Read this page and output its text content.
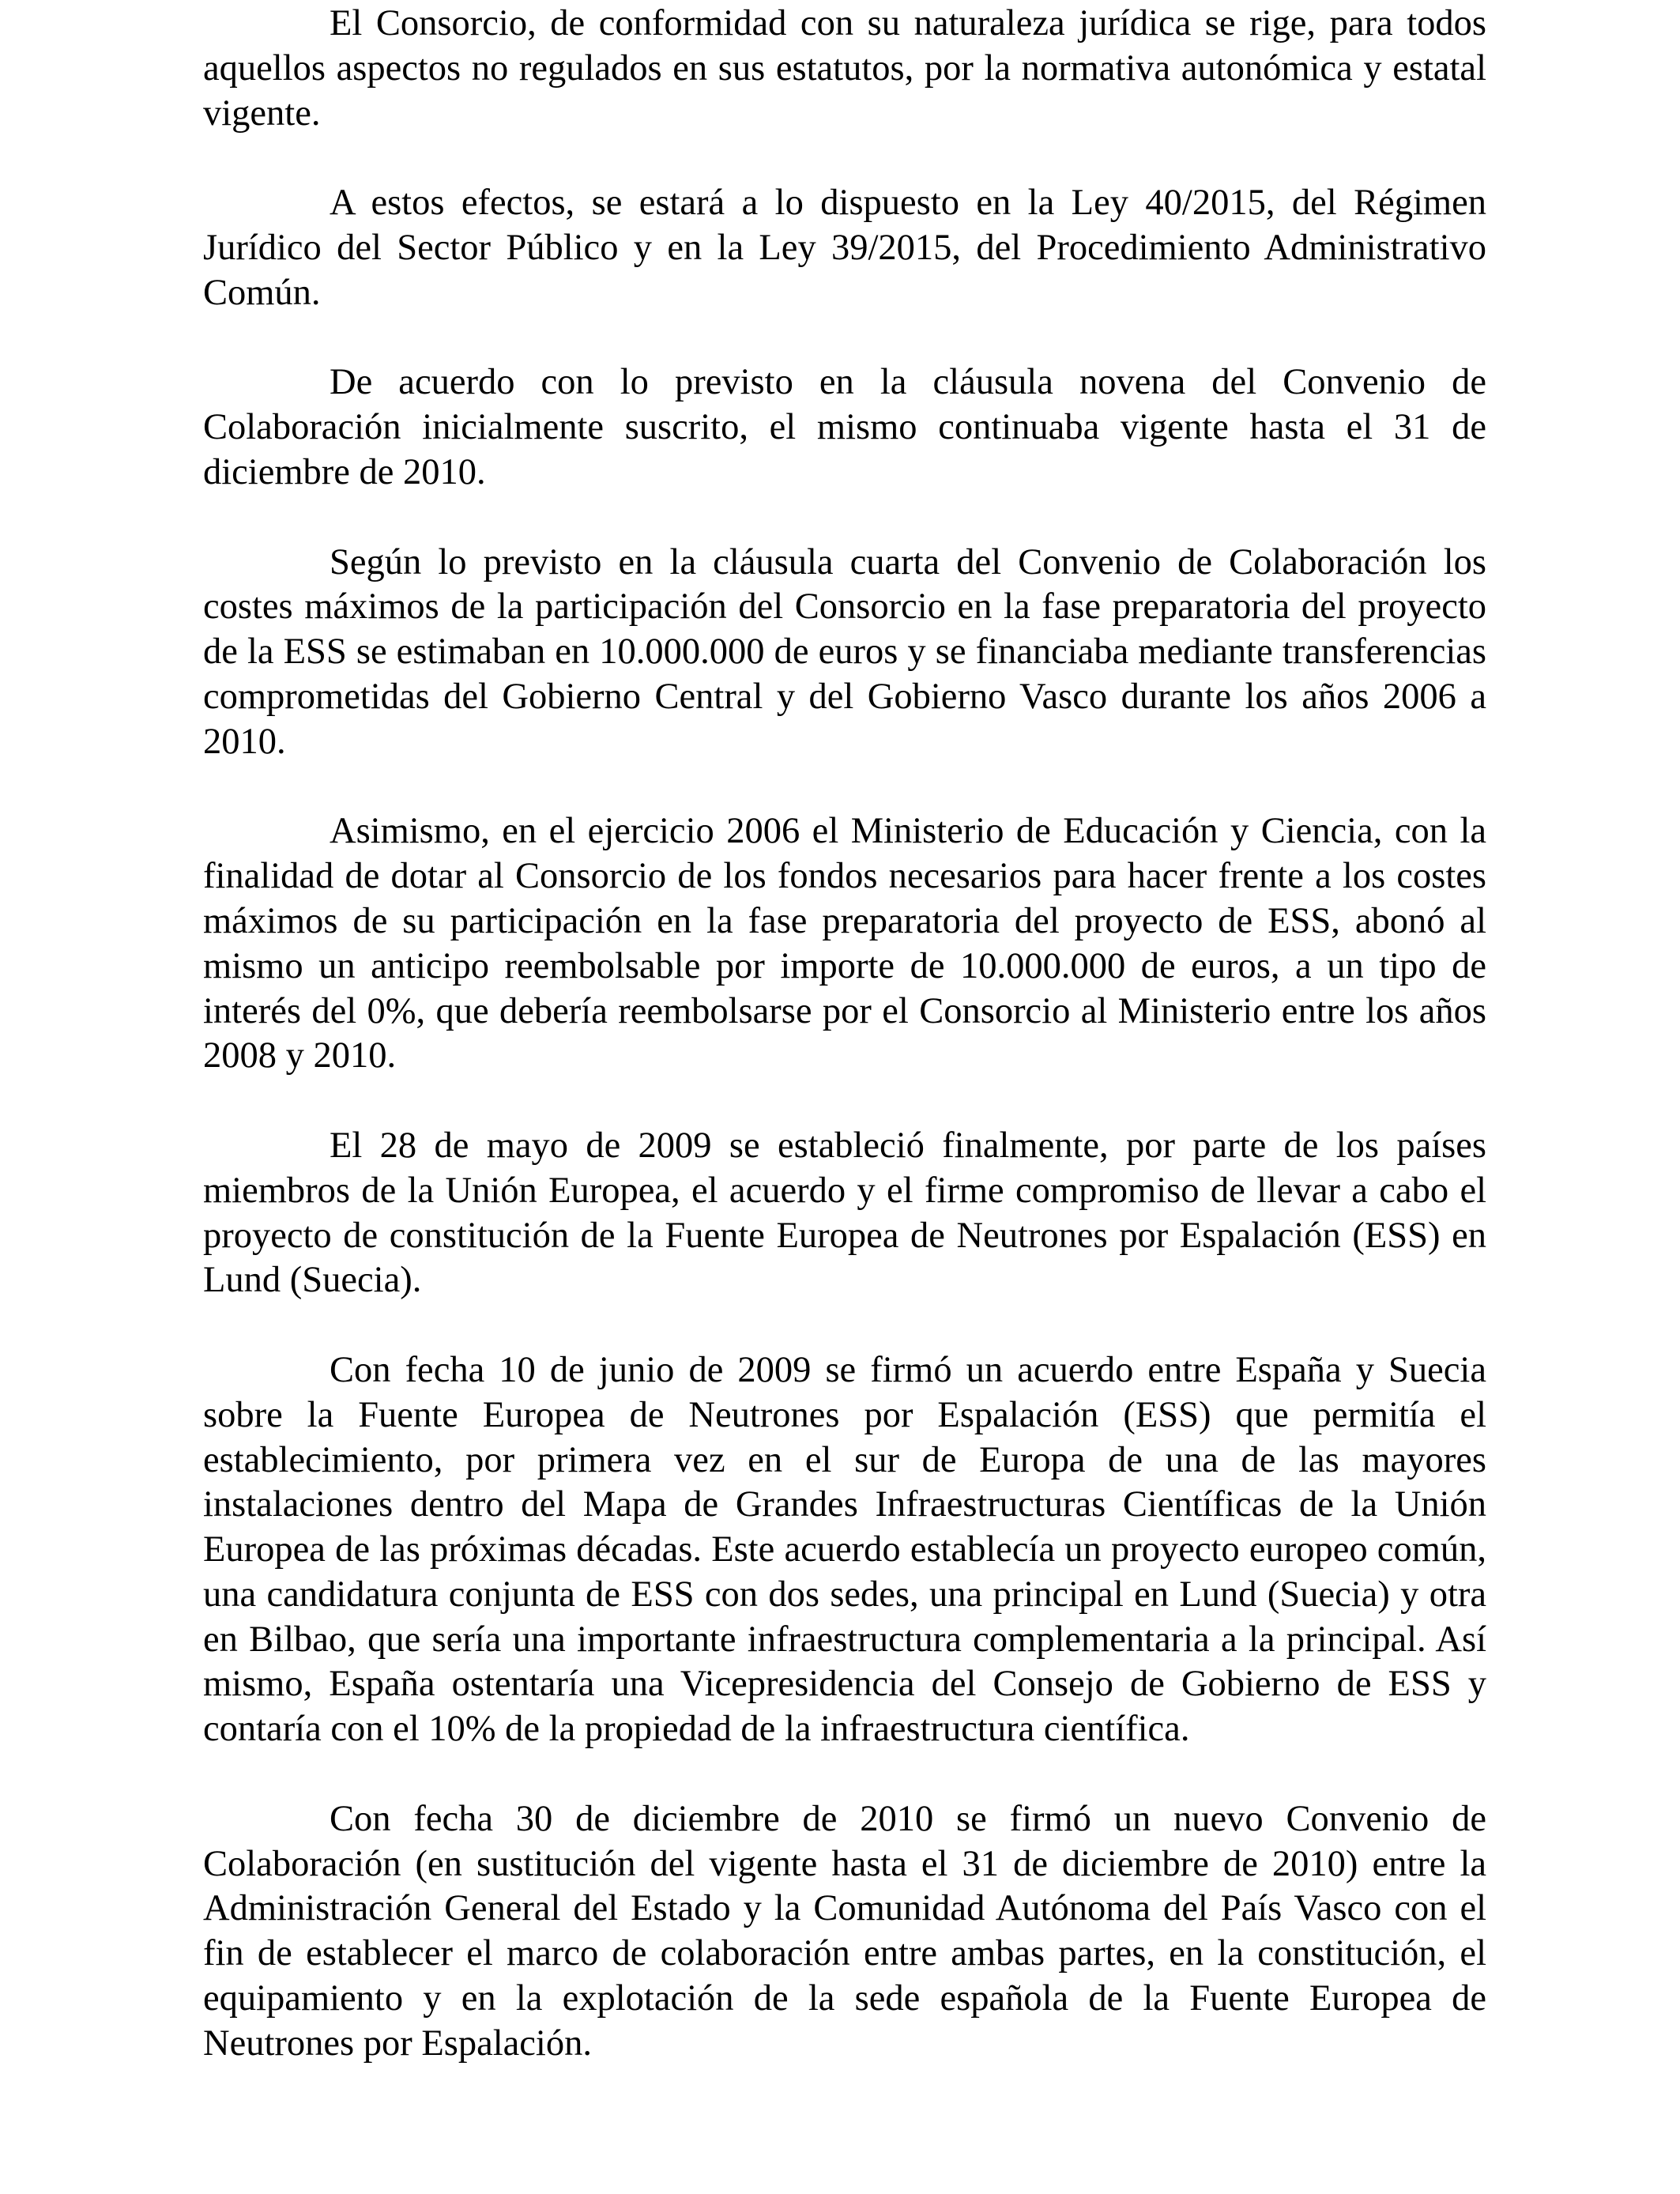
El Consorcio, de conformidad con su naturaleza jurídica se rige, para todos aquellos aspectos no regulados en sus estatutos, por la normativa autonómica y estatal vigente.

A estos efectos, se estará a lo dispuesto en la Ley 40/2015, del Régimen Jurídico del Sector Público y en la Ley 39/2015, del Procedimiento Administrativo Común.

De acuerdo con lo previsto en la cláusula novena del Convenio de Colaboración inicialmente suscrito, el mismo continuaba vigente hasta el 31 de diciembre de 2010.

Según lo previsto en la cláusula cuarta del Convenio de Colaboración los costes máximos de la participación del Consorcio en la fase preparatoria del proyecto de la ESS se estimaban en 10.000.000 de euros y se financiaba mediante transferencias comprometidas del Gobierno Central y del Gobierno Vasco durante los años 2006 a 2010.

Asimismo, en el ejercicio 2006 el Ministerio de Educación y Ciencia, con la finalidad de dotar al Consorcio de los fondos necesarios para hacer frente a los costes máximos de su participación en la fase preparatoria del proyecto de ESS, abonó al mismo un anticipo reembolsable por importe de 10.000.000 de euros, a un tipo de interés del 0%, que debería reembolsarse por el Consorcio al Ministerio entre los años 2008 y 2010.

El 28 de mayo de 2009 se estableció finalmente, por parte de los países miembros de la Unión Europea, el acuerdo y el firme compromiso de llevar a cabo el proyecto de constitución de la Fuente Europea de Neutrones por Espalación (ESS) en Lund (Suecia).

Con fecha 10 de junio de 2009 se firmó un acuerdo entre España y Suecia sobre la Fuente Europea de Neutrones por Espalación (ESS) que permitía el establecimiento, por primera vez en el sur de Europa de una de las mayores instalaciones dentro del Mapa de Grandes Infraestructuras Científicas de la Unión Europea de las próximas décadas. Este acuerdo establecía un proyecto europeo común, una candidatura conjunta de ESS con dos sedes, una principal en Lund (Suecia) y otra en Bilbao, que sería una importante infraestructura complementaria a la principal. Así mismo, España ostentaría una Vicepresidencia del Consejo de Gobierno de ESS y contaría con el 10% de la propiedad de la infraestructura científica.

Con fecha 30 de diciembre de 2010 se firmó un nuevo Convenio de Colaboración (en sustitución del vigente hasta el 31 de diciembre de 2010) entre la Administración General del Estado y la Comunidad Autónoma del País Vasco con el fin de establecer el marco de colaboración entre ambas partes, en la constitución, el equipamiento y en la explotación de la sede española de la Fuente Europea de Neutrones por Espalación.
